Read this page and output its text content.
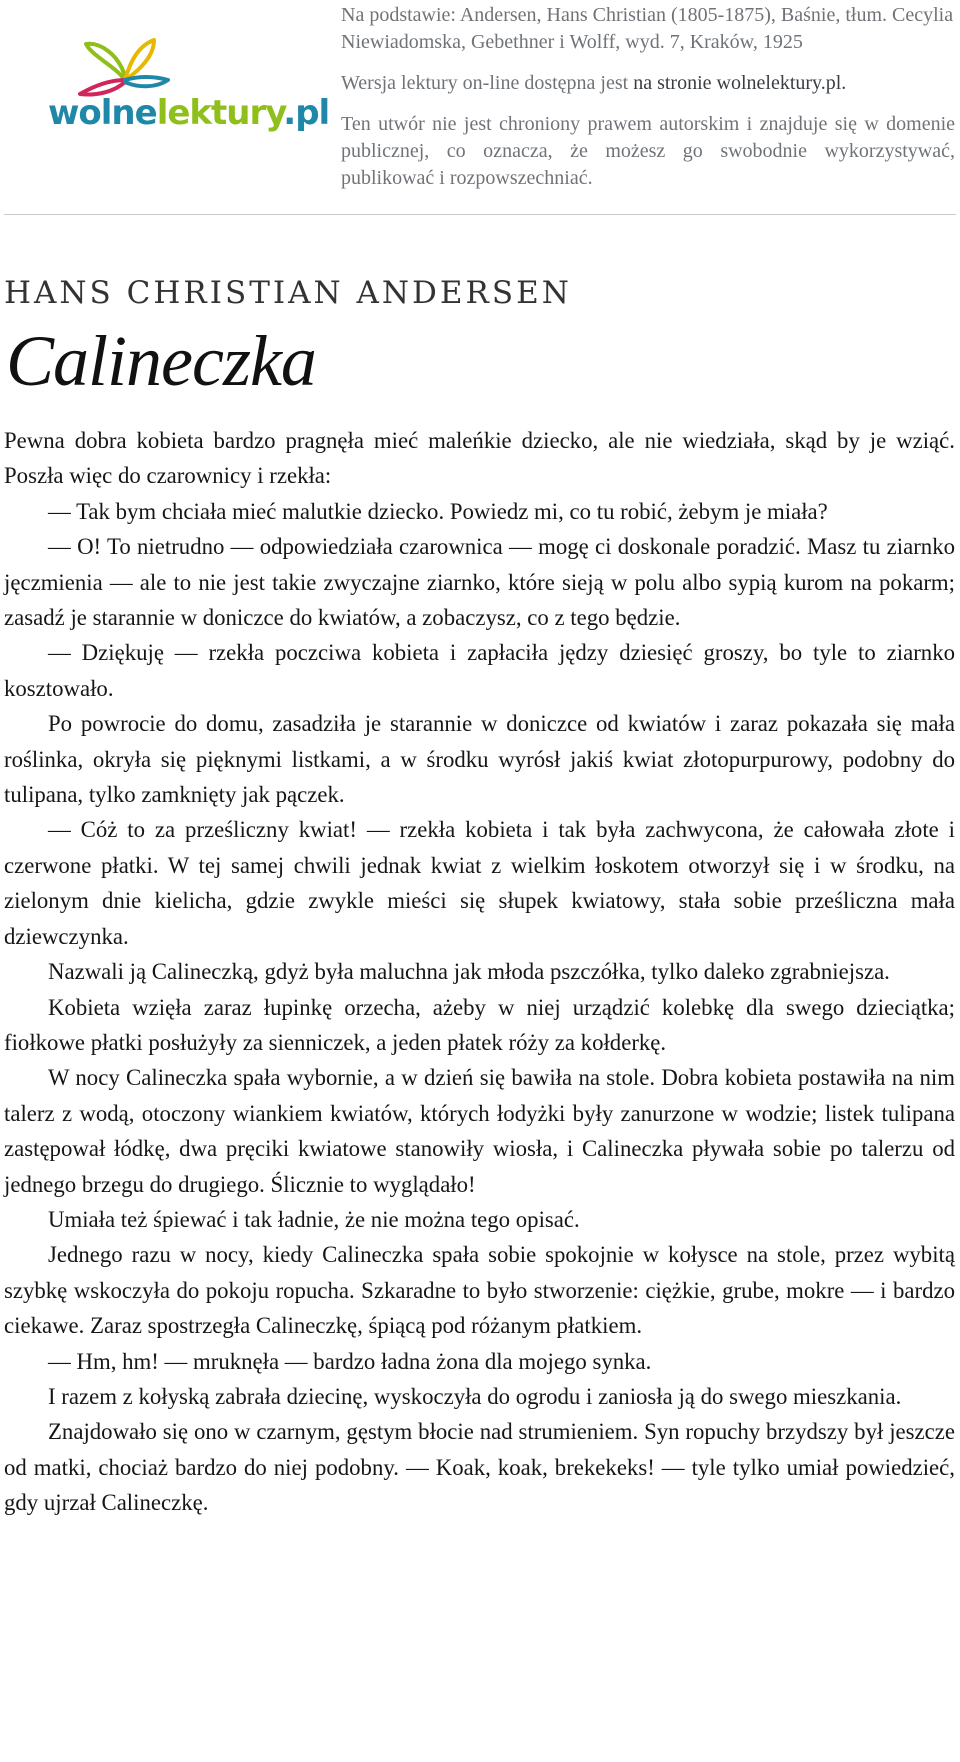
wolnelektury.pl

Na podstawie: Andersen, Hans Christian (1805-1875), Baśnie, tłum. Cecylia Niewiadomska, Gebethner i Wolff, wyd. 7, Kraków, 1925

Wersja lektury on-line dostępna jest na stronie wolnelektury.pl.

Ten utwór nie jest chroniony prawem autorskim i znajduje się w domenie publicznej, co oznacza, że możesz go swobodnie wykorzystywać, publikować i rozpowszechniać.

HANS CHRISTIAN ANDERSEN
Calineczka

Pewna dobra kobieta bardzo pragnęła mieć maleńkie dziecko, ale nie wiedziała, skąd by je wziąć. Poszła więc do czarownicy i rzekła:

— Tak bym chciała mieć malutkie dziecko. Powiedz mi, co tu robić, żebym je miała?

— O! To nietrudno — odpowiedziała czarownica — mogę ci doskonale poradzić. Masz tu ziarnko jęczmienia — ale to nie jest takie zwyczajne ziarnko, które sieją w polu albo sypią kurom na pokarm; zasadź je starannie w doniczce do kwiatów, a zobaczysz, co z tego będzie.

— Dziękuję — rzekła poczciwa kobieta i zapłaciła jędzy dziesięć groszy, bo tyle to ziarnko kosztowało.

Po powrocie do domu, zasadziła je starannie w doniczce od kwiatów i zaraz pokazała się mała roślinka, okryła się pięknymi listkami, a w środku wyrósł jakiś kwiat złotopurpurowy, podobny do tulipana, tylko zamknięty jak pączek.

— Cóż to za prześliczny kwiat! — rzekła kobieta i tak była zachwycona, że całowała złote i czerwone płatki. W tej samej chwili jednak kwiat z wielkim łoskotem otworzył się i w środku, na zielonym dnie kielicha, gdzie zwykle mieści się słupek kwiatowy, stała sobie prześliczna mała dziewczynka.

Nazwali ją Calineczką, gdyż była maluchna jak młoda pszczółka, tylko daleko zgrabniejsza.

Kobieta wzięła zaraz łupinkę orzecha, ażeby w niej urządzić kolebkę dla swego dzieciątka; fiołkowe płatki posłużyły za sienniczek, a jeden płatek róży za kołderkę.

W nocy Calineczka spała wybornie, a w dzień się bawiła na stole. Dobra kobieta postawiła na nim talerz z wodą, otoczony wiankiem kwiatów, których łodyżki były zanurzone w wodzie; listek tulipana zastępował łódkę, dwa pręciki kwiatowe stanowiły wiosła, i Calineczka pływała sobie po talerzu od jednego brzegu do drugiego. Ślicznie to wyglądało!

Umiała też śpiewać i tak ładnie, że nie można tego opisać.

Jednego razu w nocy, kiedy Calineczka spała sobie spokojnie w kołysce na stole, przez wybitą szybkę wskoczyła do pokoju ropucha. Szkaradne to było stworzenie: ciężkie, grube, mokre — i bardzo ciekawe. Zaraz spostrzegła Calineczkę, śpiącą pod różanym płatkiem.

— Hm, hm! — mruknęła — bardzo ładna żona dla mojego synka.

I razem z kołyską zabrała dziecinę, wyskoczyła do ogrodu i zaniosła ją do swego mieszkania.

Znajdowało się ono w czarnym, gęstym błocie nad strumieniem. Syn ropuchy brzydszy był jeszcze od matki, chociaż bardzo do niej podobny. — Koak, koak, brekekeks! — tyle tylko umiał powiedzieć, gdy ujrzał Calineczkę.
